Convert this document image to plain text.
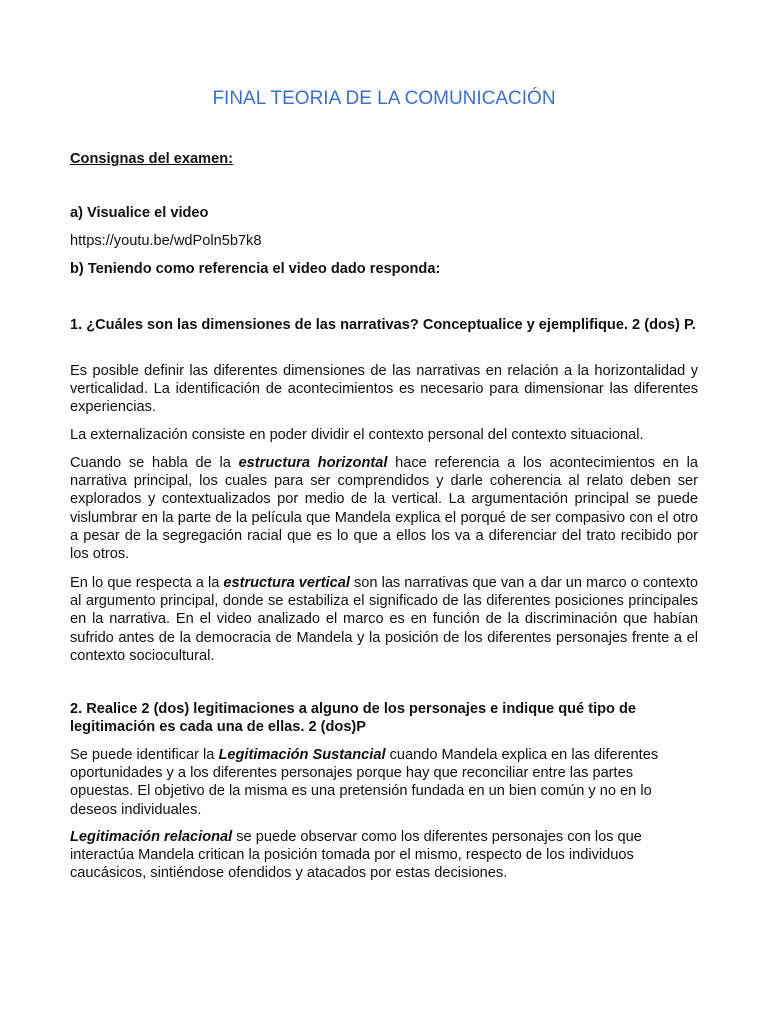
FINAL TEORIA DE LA COMUNICACIÓN

Consignas del examen:

a) Visualice el video

https://youtu.be/wdPoln5b7k8

b) Teniendo como referencia el video dado responda:

1. ¿Cuáles son las dimensiones de las narrativas? Conceptualice y ejemplifique. 2 (dos) P.

Es posible definir las diferentes dimensiones de las narrativas en relación a la horizontalidad y verticalidad. La identificación de acontecimientos es necesario para dimensionar las diferentes experiencias.

La externalización consiste en poder dividir el contexto personal del contexto situacional.

Cuando se habla de la estructura horizontal hace referencia a los acontecimientos en la narrativa principal, los cuales para ser comprendidos y darle coherencia al relato deben ser explorados y contextualizados por medio de la vertical. La argumentación principal se puede vislumbrar en la parte de la película que Mandela explica el porqué de ser compasivo con el otro a pesar de la segregación racial que es lo que a ellos los va a diferenciar del trato recibido por los otros.

En lo que respecta a la estructura vertical son las narrativas que van a dar un marco o contexto al argumento principal, donde se estabiliza el significado de las diferentes posiciones principales en la narrativa. En el video analizado el marco es en función de la discriminación que habían sufrido antes de la democracia de Mandela y la posición de los diferentes personajes frente a el contexto sociocultural.

2. Realice 2 (dos) legitimaciones a alguno de los personajes e indique qué tipo de legitimación es cada una de ellas. 2 (dos)P

Se puede identificar la Legitimación Sustancial cuando Mandela explica en las diferentes oportunidades y a los diferentes personajes porque hay que reconciliar entre las partes opuestas. El objetivo de la misma es una pretensión fundada en un bien común y no en lo deseos individuales.

Legitimación relacional se puede observar como los diferentes personajes con los que interactúa Mandela critican la posición tomada por el mismo, respecto de los individuos caucásicos, sintiéndose ofendidos y atacados por estas decisiones.
